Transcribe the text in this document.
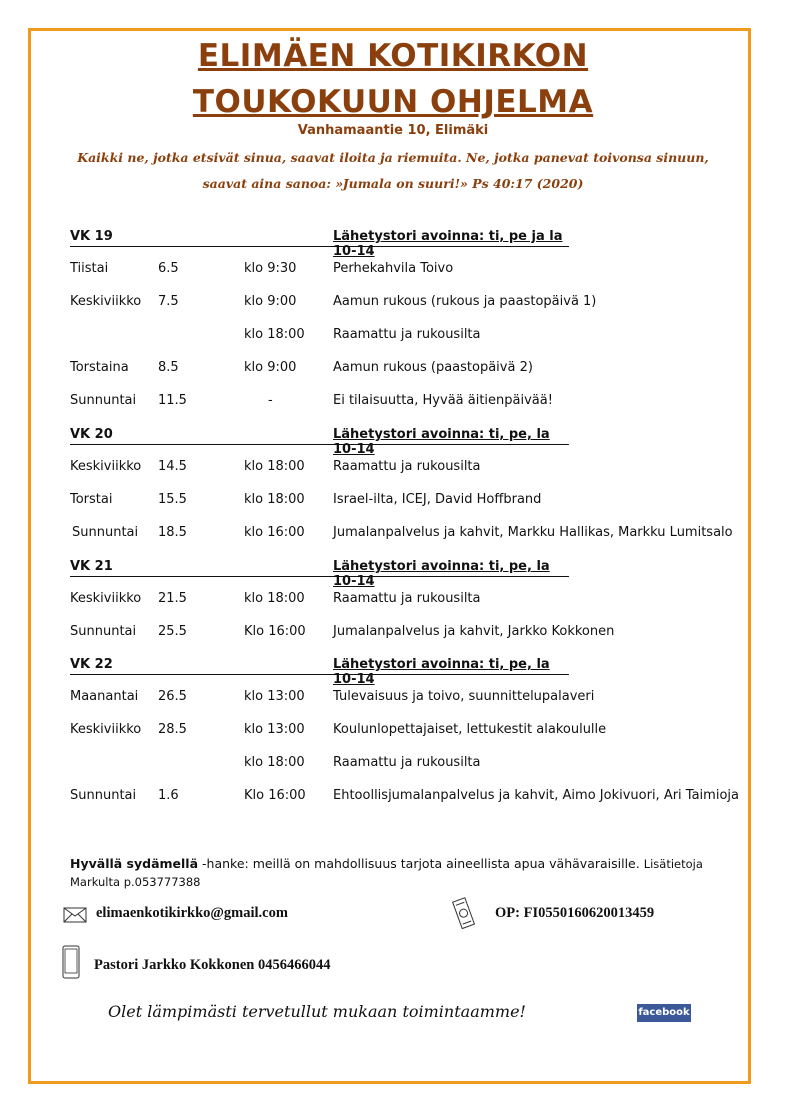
ELIMÄEN KOTIKIRKON
TOUKOKUUN OHJELMA
Vanhamaantie 10, Elimäki
Kaikki ne, jotka etsivät sinua, saavat iloita ja riemuita. Ne, jotka panevat toivonsa sinuun,
saavat aina sanoa: »Jumala on suuri!» Ps 40:17 (2020)
VK 19	Lähetystori avoinna: ti, pe ja la 10-14
Tiistai	6.5	klo 9:30	Perhekahvila Toivo
Keskiviikko 7.5	klo 9:00	Aamun rukous (rukous ja paastopäivä 1)
klo 18:00 Raamattu ja rukousilta
Torstaina 8.5	klo 9:00	Aamun rukous (paastopäivä 2)
Sunnuntai 11.5	-	Ei tilaisuutta, Hyvää äitienpäivää!
VK 20	Lähetystori avoinna: ti, pe, la 10-14
Keskiviikko 14.5	klo 18:00 Raamattu ja rukousilta
Torstai	15.5	klo 18:00 Israel-ilta, ICEJ, David Hoffbrand
Sunnuntai 18.5	klo 16:00 Jumalanpalvelus ja kahvit, Markku Hallikas, Markku Lumitsalo
VK 21	Lähetystori avoinna: ti, pe, la 10-14
Keskiviikko 21.5	klo 18:00 Raamattu ja rukousilta
Sunnuntai 25.5	Klo 16:00 Jumalanpalvelus ja kahvit, Jarkko Kokkonen
VK 22	Lähetystori avoinna: ti, pe, la 10-14
Maanantai 26.5	klo 13:00 Tulevaisuus ja toivo, suunnittelupalaveri
Keskiviikko 28.5	klo 13:00 Koulunlopettajaiset, lettukestit alakoululle
klo 18:00 Raamattu ja rukousilta
Sunnuntai 1.6	Klo 16:00 Ehtoollisjumalanpalvelus ja kahvit, Aimo Jokivuori, Ari Taimioja
Hyvällä sydämellä -hanke: meillä on mahdollisuus tarjota aineellista apua vähävaraisille. Lisätietoja Markulta p.053777388
elimaenkotikirkko@gmail.com	OP: FI0550160620013459
Pastori Jarkko Kokkonen 0456466044
Olet lämpimästi tervetullut mukaan toimintaamme!	facebook
